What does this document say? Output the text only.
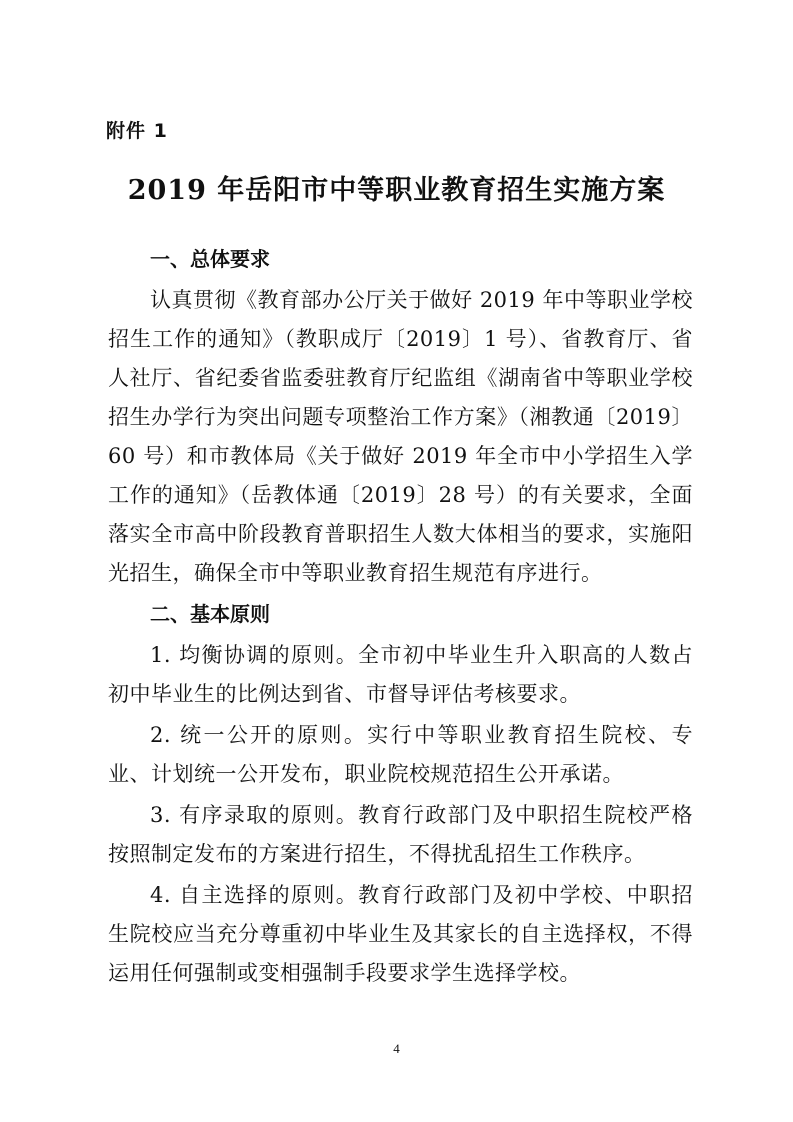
附件 1
2019 年岳阳市中等职业教育招生实施方案
一、总体要求
认真贯彻《教育部办公厅关于做好 2019 年中等职业学校招生工作的通知》（教职成厅〔2019〕1 号）、省教育厅、省人社厅、省纪委省监委驻教育厅纪监组《湖南省中等职业学校招生办学行为突出问题专项整治工作方案》（湘教通〔2019〕60 号）和市教体局《关于做好 2019 年全市中小学招生入学工作的通知》（岳教体通〔2019〕28 号）的有关要求，全面落实全市高中阶段教育普职招生人数大体相当的要求，实施阳光招生，确保全市中等职业教育招生规范有序进行。
二、基本原则
1. 均衡协调的原则。全市初中毕业生升入职高的人数占初中毕业生的比例达到省、市督导评估考核要求。
2. 统一公开的原则。实行中等职业教育招生院校、专业、计划统一公开发布，职业院校规范招生公开承诺。
3. 有序录取的原则。教育行政部门及中职招生院校严格按照制定发布的方案进行招生，不得扰乱招生工作秩序。
4. 自主选择的原则。教育行政部门及初中学校、中职招生院校应当充分尊重初中毕业生及其家长的自主选择权，不得运用任何强制或变相强制手段要求学生选择学校。
4
